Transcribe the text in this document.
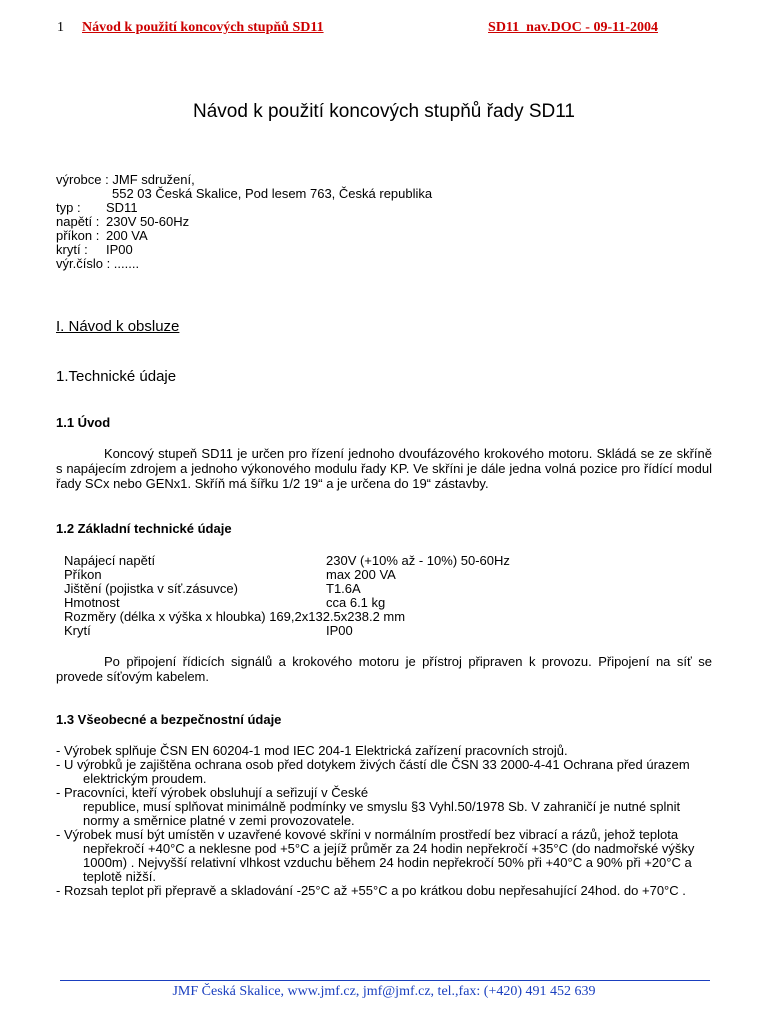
1	Návod k použití koncových stupňů SD11	SD11_nav.DOC - 09-11-2004
Návod k použití koncových stupňů řady SD11
výrobce : JMF sdružení,
552 03 Česká Skalice, Pod lesem 763, Česká republika
typ : SD11
napětí : 230V 50-60Hz
příkon : 200 VA
krytí : IP00
výr.číslo : .......
I. Návod k obsluze
1.Technické údaje
1.1 Úvod
Koncový stupeň SD11 je určen pro řízení jednoho dvoufázového krokového motoru. Skládá se ze skříně s napájecím zdrojem a jednoho výkonového modulu řady KP. Ve skříni je dále jedna volná pozice pro řídící modul řady SCx nebo GENx1. Skříň má šířku 1/2 19“ a je určena do 19“ zástavby.
1.2 Základní technické údaje
Napájecí napětí	230V (+10% až - 10%) 50-60Hz
Příkon	max 200 VA
Jištění (pojistka v síť.zásuvce)	T1.6A
Hmotnost	cca 6.1 kg
Rozměry (délka x výška x hloubka) 169,2x132.5x238.2 mm
Krytí	IP00
Po připojení řídicích signálů a krokového motoru je přístroj připraven k provozu. Připojení na síť se provede síťovým kabelem.
1.3 Všeobecné a bezpečnostní údaje
- Výrobek splňuje ČSN EN 60204-1 mod IEC 204-1 Elektrická zařízení pracovních strojů.
- U výrobků je zajištěna ochrana osob před dotykem živých částí dle ČSN 33 2000-4-41 Ochrana před úrazem
elektrickým proudem.
- Pracovníci, kteří výrobek obsluhují a seřizují v České
republice, musí splňovat minimálně podmínky ve smyslu §3 Vyhl.50/1978 Sb. V zahraničí je nutné splnit
normy a směrnice platné v zemi provozovatele.
- Výrobek musí být umístěn v uzavřené kovové skříni v normálním prostředí bez vibrací a rázů, jehož teplota
nepřekročí +40°C a neklesne pod +5°C a jejíž průměr za 24 hodin nepřekročí +35°C (do nadmořské výšky
1000m) . Nejvyšší relativní vlhkost vzduchu během 24 hodin nepřekročí 50% při +40°C a 90% při +20°C a
teplotě nižší.
- Rozsah teplot při přepravě a skladování -25°C až +55°C a po krátkou dobu nepřesahující 24hod. do +70°C .
JMF Česká Skalice, www.jmf.cz, jmf@jmf.cz, tel.,fax: (+420) 491 452 639
